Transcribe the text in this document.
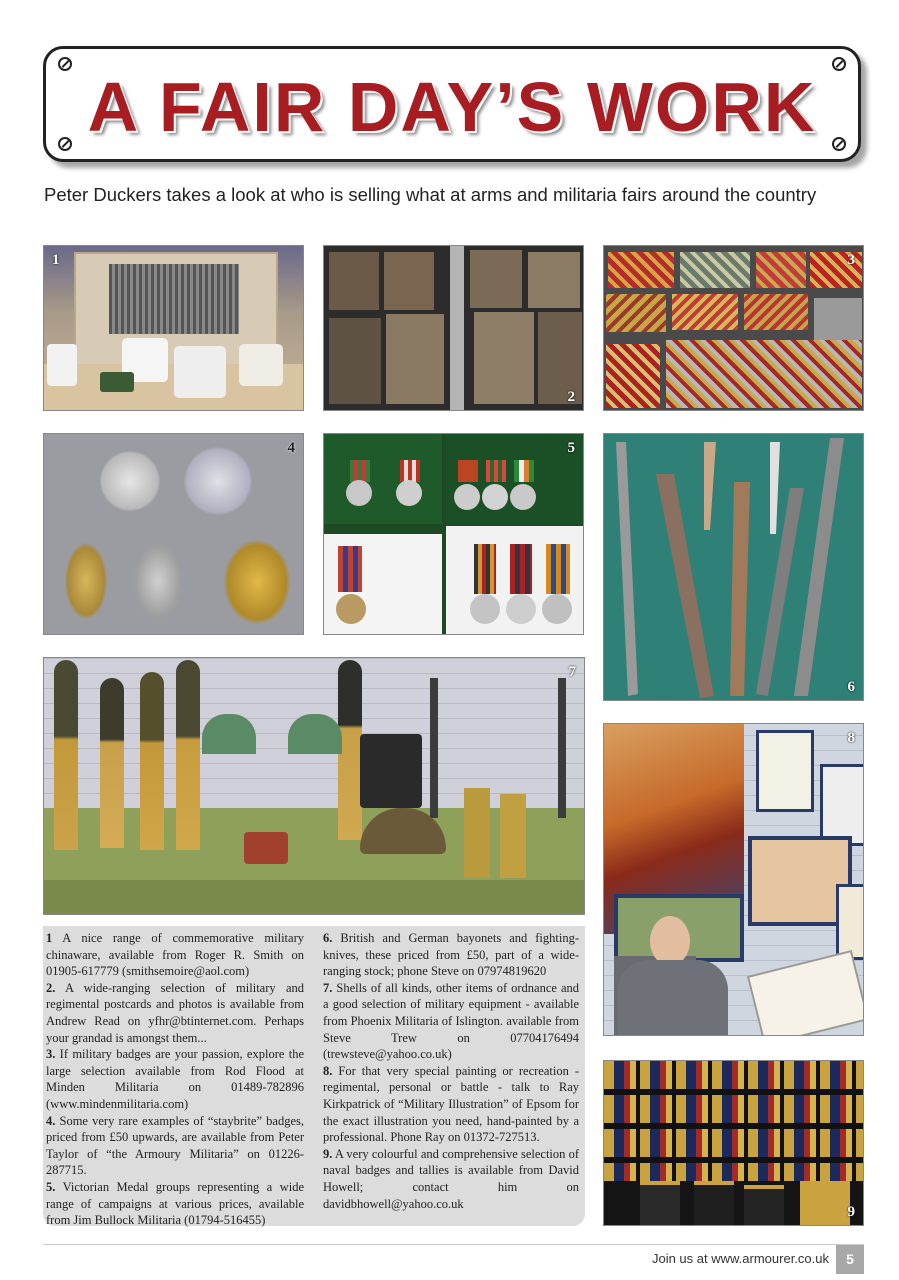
A FAIR DAY’S WORK
Peter Duckers takes a look at who is selling what at arms and militaria fairs around the country
1
2
3
4	5
6
7
8
9

1 A nice range of commemorative military chinaware, available from Roger R. Smith on 01905-617779 (smithsemoire@aol.com)

2. A wide-ranging selection of military and regimental postcards and photos is available from Andrew Read on yfhr@btinternet.com. Perhaps your grandad is amongst them...

3. If military badges are your passion, explore the large selection available from Rod Flood at Minden Militaria on 01489-782896 (www.mindenmilitaria.com)

4. Some very rare examples of “staybrite” badges, priced from £50 upwards, are available from Peter Taylor of “the Armoury Militaria” on 01226-287715.

5. Victorian Medal groups representing a wide range of campaigns at various prices, available from Jim Bullock Militaria (01794-516455)

6. British and German bayonets and fighting-knives, these priced from £50, part of a wide-ranging stock; phone Steve on 07974819620

7. Shells of all kinds, other items of ordnance and a good selection of military equipment - available from Phoenix Militaria of Islington. available from Steve Trew on 07704176494 (trewsteve@yahoo.co.uk)

8. For that very special painting or recreation - regimental, personal or battle - talk to Ray Kirkpatrick of “Military Illustration” of Epsom for the exact illustration you need, hand-painted by a professional. Phone Ray on 01372-727513.

9. A very colourful and comprehensive selection of naval badges and tallies is available from David Howell; contact him on davidbhowell@yahoo.co.uk

Join us at www.armourer.co.uk	5
